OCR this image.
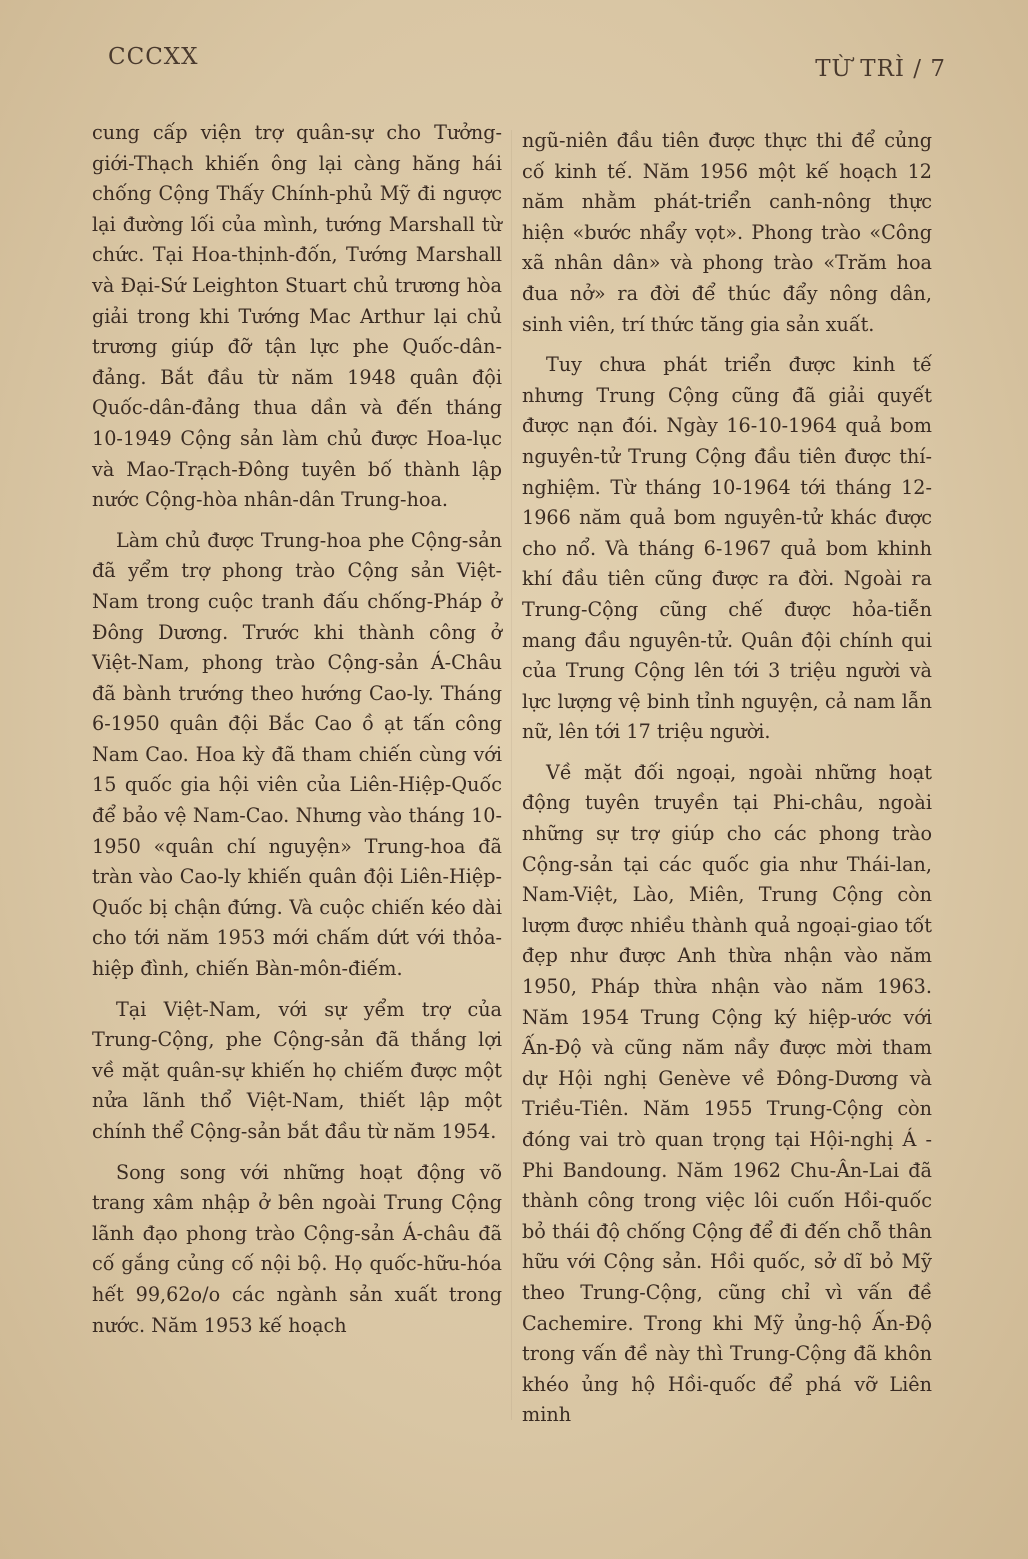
CCCXX	TỪ TRÌ / 7

cung cấp viện trợ quân-sự cho Tưởng-giới-Thạch khiến ông lại càng hăng hái chống Cộng Thấy Chính-phủ Mỹ đi ngược lại đường lối của mình, tướng Marshall từ chức. Tại Hoa-thịnh-đốn, Tướng Marshall và Đại-Sứ Leighton Stuart chủ trương hòa giải trong khi Tướng Mac Arthur lại chủ trương giúp đỡ tận lực phe Quốc-dân-đảng. Bắt đầu từ năm 1948 quân đội Quốc-dân-đảng thua dần và đến tháng 10-1949 Cộng sản làm chủ được Hoa-lục và Mao-Trạch-Đông tuyên bố thành lập nước Cộng-hòa nhân-dân Trung-hoa.

Làm chủ được Trung-hoa phe Cộng-sản đã yểm trợ phong trào Cộng sản Việt-Nam trong cuộc tranh đấu chống-Pháp ở Đông Dương. Trước khi thành công ở Việt-Nam, phong trào Cộng-sản Á-Châu đã bành trướng theo hướng Cao-ly. Tháng 6-1950 quân đội Bắc Cao ồ ạt tấn công Nam Cao. Hoa kỳ đã tham chiến cùng với 15 quốc gia hội viên của Liên-Hiệp-Quốc để bảo vệ Nam-Cao. Nhưng vào tháng 10-1950 «quân chí nguyện» Trung-hoa đã tràn vào Cao-ly khiến quân đội Liên-Hiệp-Quốc bị chận đứng. Và cuộc chiến kéo dài cho tới năm 1953 mới chấm dứt với thỏa-hiệp đình, chiến Bàn-môn-điếm.

Tại Việt-Nam, với sự yểm trợ của Trung-Cộng, phe Cộng-sản đã thắng lợi về mặt quân-sự khiến họ chiếm được một nửa lãnh thổ Việt-Nam, thiết lập một chính thể Cộng-sản bắt đầu từ năm 1954.

Song song với những hoạt động võ trang xâm nhập ở bên ngoài Trung Cộng lãnh đạo phong trào Cộng-sản Á-châu đã cố gắng củng cố nội bộ. Họ quốc-hữu-hóa hết 99,62o/o các ngành sản xuất trong nước. Năm 1953 kế hoạch

ngũ-niên đầu tiên được thực thi để củng cố kinh tế. Năm 1956 một kế hoạch 12 năm nhằm phát-triển canh-nông thực hiện «bước nhẩy vọt». Phong trào «Công xã nhân dân» và phong trào «Trăm hoa đua nở» ra đời để thúc đẩy nông dân, sinh viên, trí thức tăng gia sản xuất.

Tuy chưa phát triển được kinh tế nhưng Trung Cộng cũng đã giải quyết được nạn đói. Ngày 16-10-1964 quả bom nguyên-tử Trung Cộng đầu tiên được thí-nghiệm. Từ tháng 10-1964 tới tháng 12-1966 năm quả bom nguyên-tử khác được cho nổ. Và tháng 6-1967 quả bom khinh khí đầu tiên cũng được ra đời. Ngoài ra Trung-Cộng cũng chế được hỏa-tiễn mang đầu nguyên-tử. Quân đội chính qui của Trung Cộng lên tới 3 triệu người và lực lượng vệ binh tỉnh nguyện, cả nam lẫn nữ, lên tới 17 triệu người.

Về mặt đối ngoại, ngoài những hoạt động tuyên truyền tại Phi-châu, ngoài những sự trợ giúp cho các phong trào Cộng-sản tại các quốc gia như Thái-lan, Nam-Việt, Lào, Miên, Trung Cộng còn lượm được nhiều thành quả ngoại-giao tốt đẹp như được Anh thừa nhận vào năm 1950, Pháp thừa nhận vào năm 1963. Năm 1954 Trung Cộng ký hiệp-ước với Ấn-Độ và cũng năm nầy được mời tham dự Hội nghị Genève về Đông-Dương và Triều-Tiên. Năm 1955 Trung-Cộng còn đóng vai trò quan trọng tại Hội-nghị Á - Phi Bandoung. Năm 1962 Chu-Ân-Lai đã thành công trong việc lôi cuốn Hồi-quốc bỏ thái độ chống Cộng để đi đến chỗ thân hữu với Cộng sản. Hồi quốc, sở dĩ bỏ Mỹ theo Trung-Cộng, cũng chỉ vì vấn đề Cachemire. Trong khi Mỹ ủng-hộ Ấn-Độ trong vấn đề này thì Trung-Cộng đã khôn khéo ủng hộ Hồi-quốc để phá vỡ Liên minh
